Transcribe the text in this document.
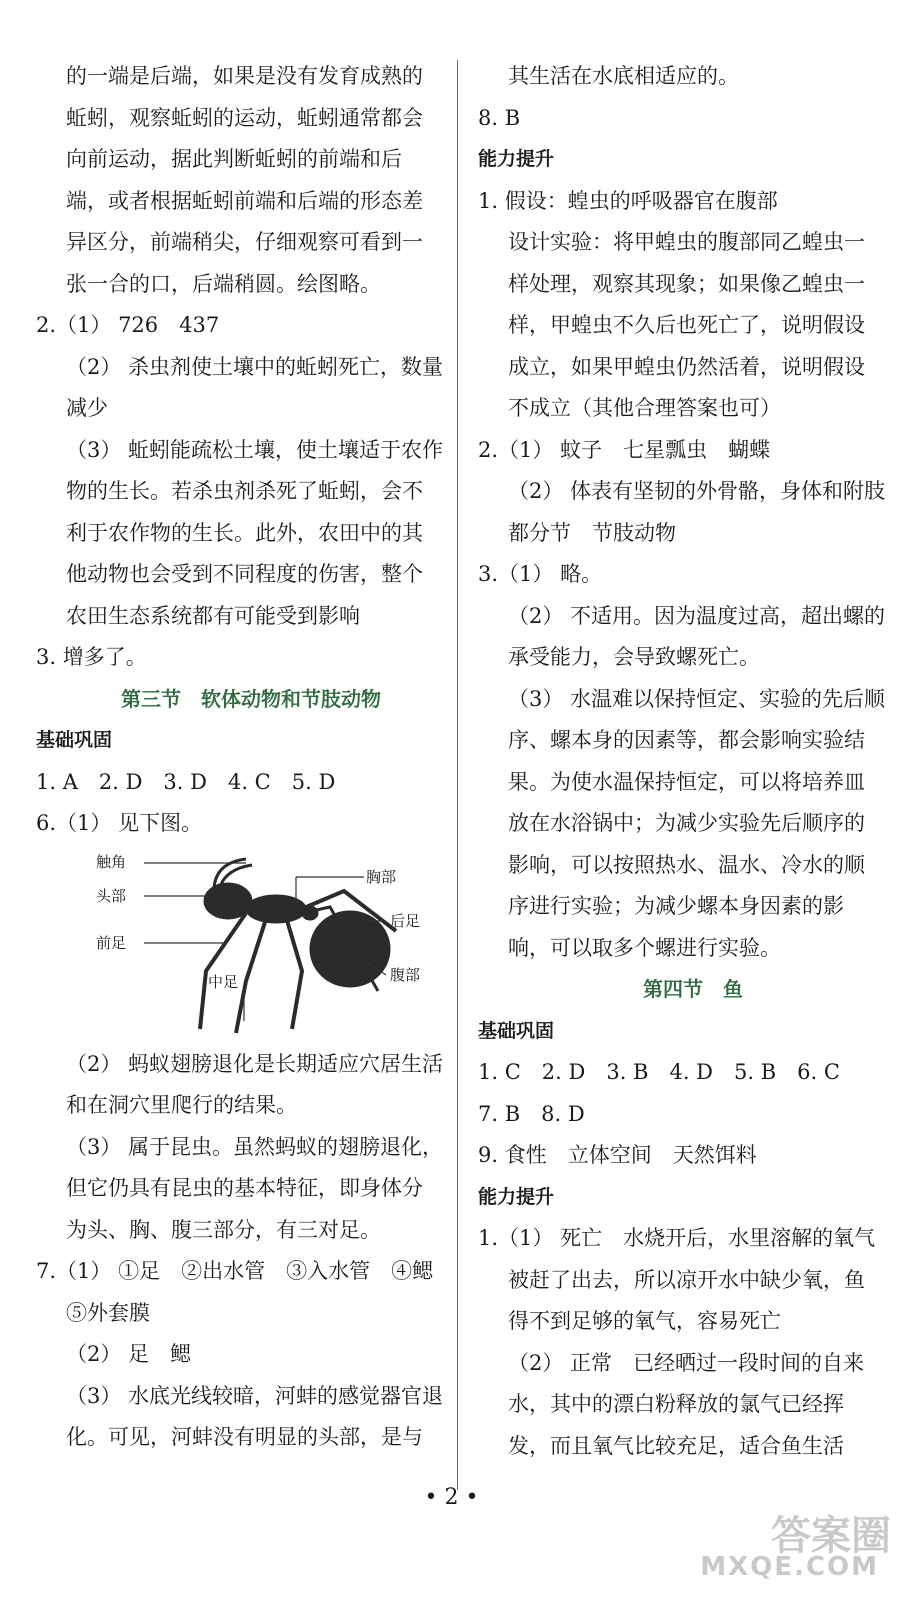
的一端是后端，如果是没有发育成熟的
蚯蚓，观察蚯蚓的运动，蚯蚓通常都会
向前运动，据此判断蚯蚓的前端和后
端，或者根据蚯蚓前端和后端的形态差
异区分，前端稍尖，仔细观察可看到一
张一合的口，后端稍圆。绘图略。
2.（1） 726　437
（2） 杀虫剂使土壤中的蚯蚓死亡，数量
减少
（3） 蚯蚓能疏松土壤，使土壤适于农作
物的生长。若杀虫剂杀死了蚯蚓，会不
利于农作物的生长。此外，农田中的其
他动物也会受到不同程度的伤害，整个
农田生态系统都有可能受到影响
3. 增多了。
第三节　软体动物和节肢动物
基础巩固
1. A　2. D　3. D　4. C　5. D
6.（1） 见下图。
触角
头部
前足
中足
胸部
后足
腹部
（2） 蚂蚁翅膀退化是长期适应穴居生活
和在洞穴里爬行的结果。
（3） 属于昆虫。虽然蚂蚁的翅膀退化，
但它仍具有昆虫的基本特征，即身体分
为头、胸、腹三部分，有三对足。
7.（1） ①足　②出水管　③入水管　④鳃
⑤外套膜
（2） 足　鳃
（3） 水底光线较暗，河蚌的感觉器官退
化。可见，河蚌没有明显的头部，是与
其生活在水底相适应的。
8. B
能力提升
1. 假设：蝗虫的呼吸器官在腹部
设计实验：将甲蝗虫的腹部同乙蝗虫一
样处理，观察其现象；如果像乙蝗虫一
样，甲蝗虫不久后也死亡了，说明假设
成立，如果甲蝗虫仍然活着，说明假设
不成立（其他合理答案也可）
2.（1） 蚊子　七星瓢虫　蝴蝶
（2） 体表有坚韧的外骨骼，身体和附肢
都分节　节肢动物
3.（1） 略。
（2） 不适用。因为温度过高，超出螺的
承受能力，会导致螺死亡。
（3） 水温难以保持恒定、实验的先后顺
序、螺本身的因素等，都会影响实验结
果。为使水温保持恒定，可以将培养皿
放在水浴锅中；为减少实验先后顺序的
影响，可以按照热水、温水、冷水的顺
序进行实验；为减少螺本身因素的影
响，可以取多个螺进行实验。
第四节　鱼
基础巩固
1. C　2. D　3. B　4. D　5. B　6. C
7. B　8. D
9. 食性　立体空间　天然饵料
能力提升
1.（1） 死亡　水烧开后，水里溶解的氧气
被赶了出去，所以凉开水中缺少氧，鱼
得不到足够的氧气，容易死亡
（2） 正常　已经晒过一段时间的自来
水，其中的漂白粉释放的氯气已经挥
发，而且氧气比较充足，适合鱼生活
• 2 •
答案圈
MXQE.COM
